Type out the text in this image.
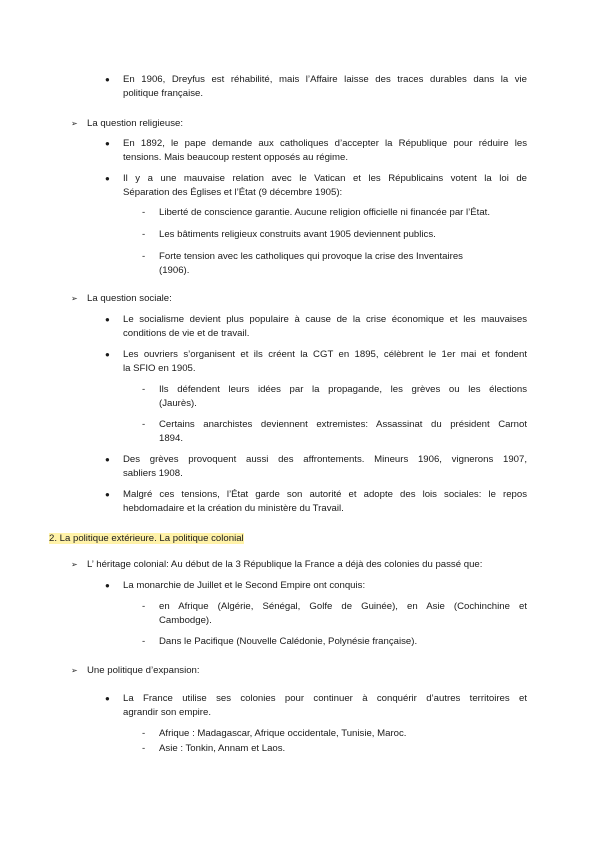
● En 1906, Dreyfus est réhabilité, mais l’Affaire laisse des traces durables dans la vie
politique française.
➢ La question religieuse:
● En 1892, le pape demande aux catholiques d’accepter la République pour réduire les
tensions. Mais beaucoup restent opposés au régime.
● Il y a une mauvaise relation avec le Vatican et les Républicains votent la loi de
Séparation des Églises et l’État (9 décembre 1905):
- Liberté de conscience garantie. Aucune religion officielle ni financée par l’État.
- Les bâtiments religieux construits avant 1905 deviennent publics.
- Forte tension avec les catholiques qui provoque la crise des Inventaires
(1906).
➢ La question sociale:
● Le socialisme devient plus populaire à cause de la crise économique et les mauvaises
conditions de vie et de travail.
● Les ouvriers s’organisent et ils créent la CGT en 1895, célèbrent le 1er mai et fondent
la SFIO en 1905.
- Ils défendent leurs idées par la propagande, les grèves ou les élections
(Jaurès).
- Certains anarchistes deviennent extremistes: Assassinat du président Carnot
1894.
● Des grèves provoquent aussi des affrontements. Mineurs 1906, vignerons 1907,
sabliers 1908.
● Malgré ces tensions, l’État garde son autorité et adopte des lois sociales: le repos
hebdomadaire et la création du ministère du Travail.
2. La politique extérieure. La politique colonial
➢ L’ héritage colonial: Au début de la 3 République la France a déjà des colonies du passé que:
● La monarchie de Juillet et le Second Empire ont conquis:
- en Afrique (Algérie, Sénégal, Golfe de Guinée), en Asie (Cochinchine et
Cambodge).
- Dans le Pacifique (Nouvelle Calédonie, Polynésie française).
➢ Une politique d’expansion:
● La France utilise ses colonies pour continuer à conquérir d’autres territoires et
agrandir son empire.
- Afrique : Madagascar, Afrique occidentale, Tunisie, Maroc.
- Asie : Tonkin, Annam et Laos.
